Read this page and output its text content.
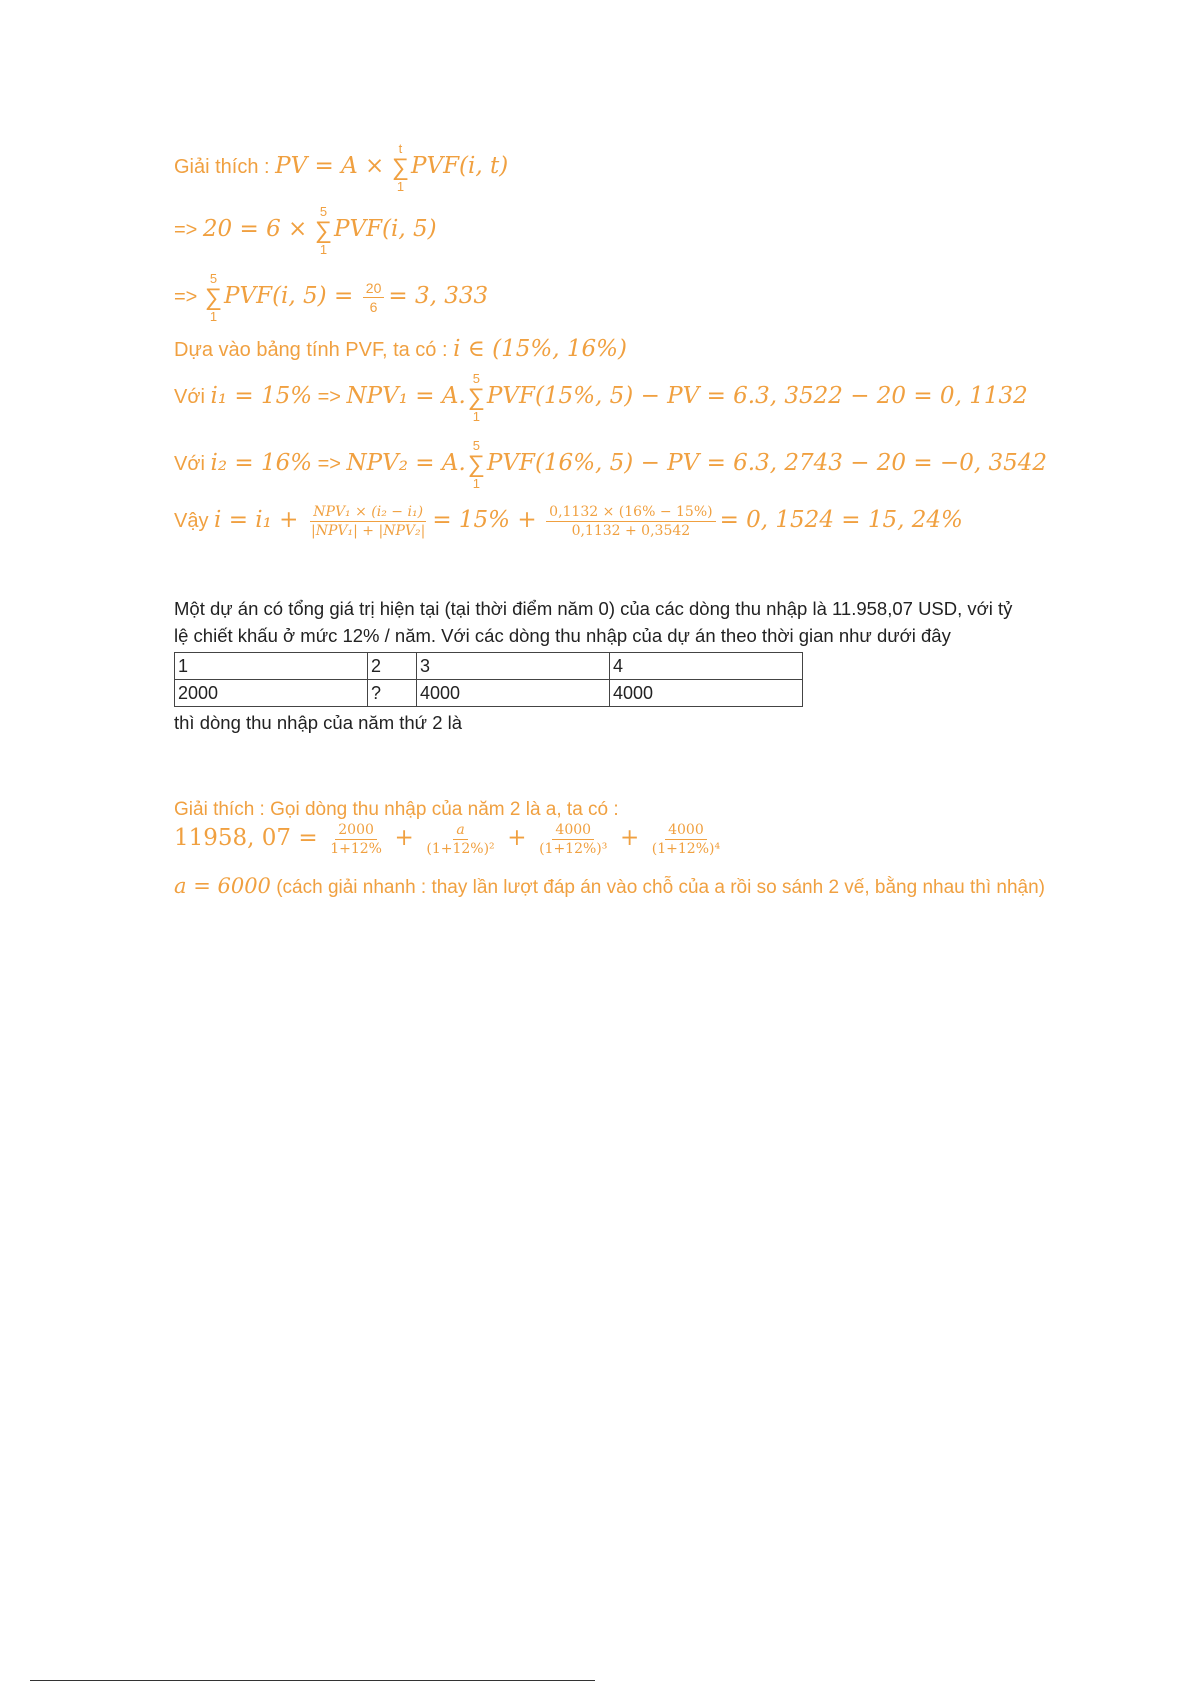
Giải thích : PV = A ×
t
∑
1
PVF(i, t)
=> 20 = 6 ×
5
∑
1
PVF(i, 5)
=>
5
∑
1
PVF(i, $5) = \frac{20}{6} = 3$, 333
Dựa vào bảng tính PVF, ta có : i ∈ (15%, 16%)
Với i₁ = 15% => NPV₁ = A.
5
∑
1
PVF(15%, 5) − PV = 6.3, 3522 − 20 = 0, 1132
Với i₂ = 16% => NPV₂ = A.
5
∑
1
PVF(16%, 5) − PV = 6.3, 2743 − 20 = −0, 3542
Vậy $i = i_1 + \frac{\text{NPV₁ × (i₂ − i₁)}}{\text{|NPV₁| + |NPV₂|}} = 15\% + \frac{0,1132 \times (16\% - 15\%)}{0,1132 + 0,3542} = 0$, 1524 = 15, 24%
Một dự án có tổng giá trị hiện tại (tại thời điểm năm 0) của các dòng thu nhập là 11.958,07 USD, với tỷ
lệ chiết khấu ở mức 12% / năm. Với các dòng thu nhập của dự án theo thời gian như dưới đây
1	2	3	4
2000	?	4000	4000
thì dòng thu nhập của năm thứ 2 là
Giải thích : Gọi dòng thu nhập của năm 2 là a, ta có :
11958, $07 = \frac{2000}{1+12\%} + \frac{a}{\text{(1+12\%)²}} + \frac{4000}{\text{(1+12\%)³}} + \frac{4000}{\text{(1+12\%)⁴}}$
a = 6000 (cách giải nhanh : thay lần lượt đáp án vào chỗ của a rồi so sánh 2 vế, bằng nhau thì nhận)
